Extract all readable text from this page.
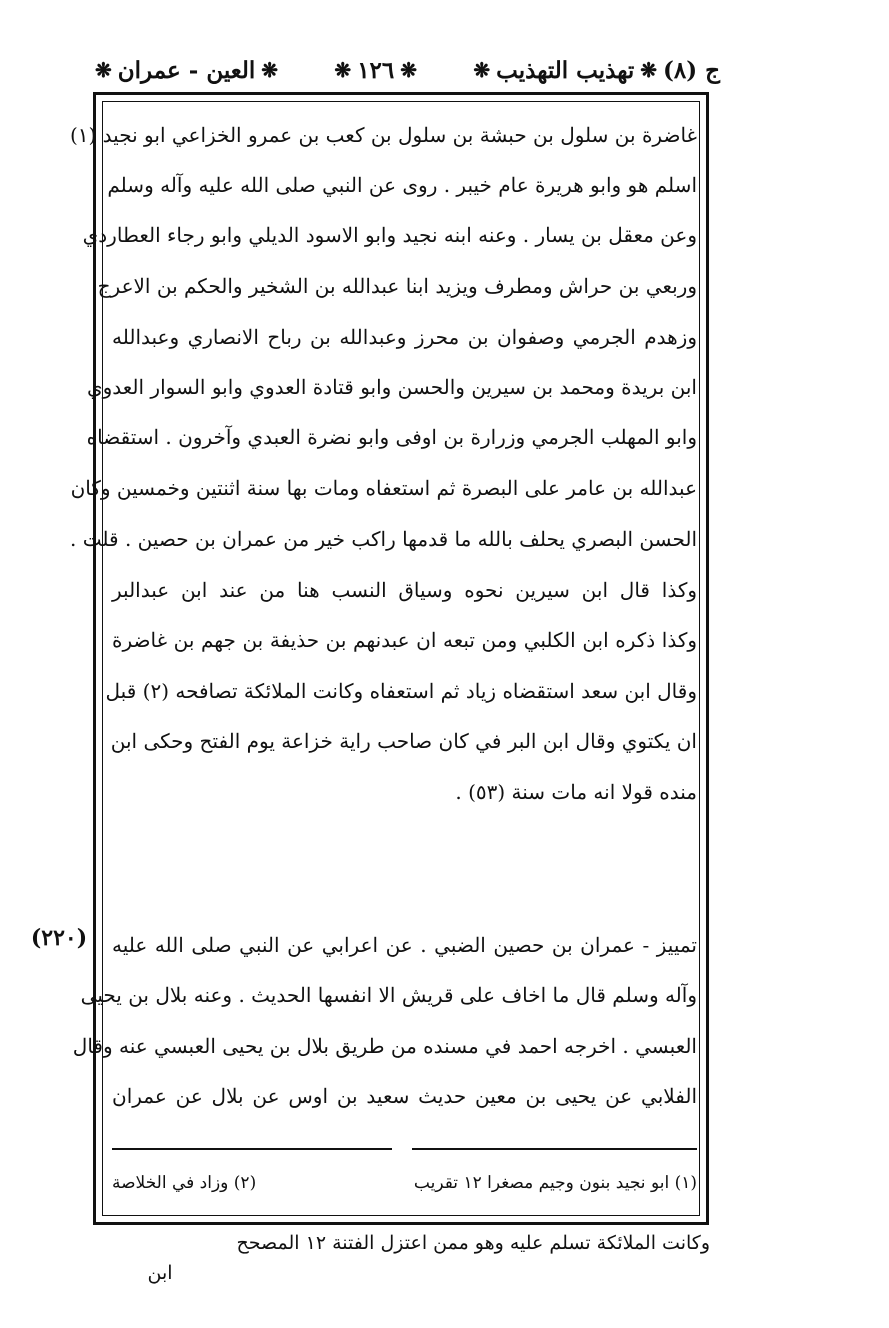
ج (٨)
❋
تهذيب التهذيب
❋
❋
١٢٦
❋
❋
العين - عمران
❋
غاضرة بن سلول بن حبشة بن سلول بن كعب بن عمرو الخزاعي ابو نجيد (١)
اسلم هو وابو هريرة عام خيبر . روى عن النبي صلى الله عليه وآله وسلم
وعن معقل بن يسار . وعنه ابنه نجيد وابو الاسود الديلي وابو رجاء العطاردي
وربعي بن حراش ومطرف ويزيد ابنا عبدالله بن الشخير والحكم بن الاعرج
وزهدم الجرمي وصفوان بن محرز وعبدالله بن رباح الانصاري وعبدالله
ابن بريدة ومحمد بن سيرين والحسن وابو قتادة العدوي وابو السوار العدوي
وابو المهلب الجرمي وزرارة بن اوفى وابو نضرة العبدي وآخرون . استقضاه
عبدالله بن عامر على البصرة ثم استعفاه ومات بها سنة اثنتين وخمسين وكان
الحسن البصري يحلف بالله ما قدمها راكب خير من عمران بن حصين . قلت .
وكذا قال ابن سيرين نحوه وسياق النسب هنا من عند ابن عبدالبر
وكذا ذكره ابن الكلبي ومن تبعه ان عبدنهم بن حذيفة بن جهم بن غاضرة
وقال ابن سعد استقضاه زياد ثم استعفاه وكانت الملائكة تصافحه (٢) قبل
ان يكتوي وقال ابن البر في كان صاحب راية خزاعة يوم الفتح وحكى ابن
منده قولا انه مات سنة (٥٣) .
(٢٢٠)	تمييز - عمران بن حصين الضبي . عن اعرابي عن النبي صلى الله عليه
وآله وسلم قال ما اخاف على قريش الا انفسها الحديث . وعنه بلال بن يحيى
العبسي . اخرجه احمد في مسنده من طريق بلال بن يحيى العبسي عنه وقال
الفلابي عن يحيى بن معين حديث سعيد بن اوس عن بلال عن عمران
(١) ابو نجيد بنون وجيم مصغرا ١٢ تقريب
(٢) وزاد في الخلاصة
وكانت الملائكة تسلم عليه وهو ممن اعتزل الفتنة ١٢ المصحح
ابن
